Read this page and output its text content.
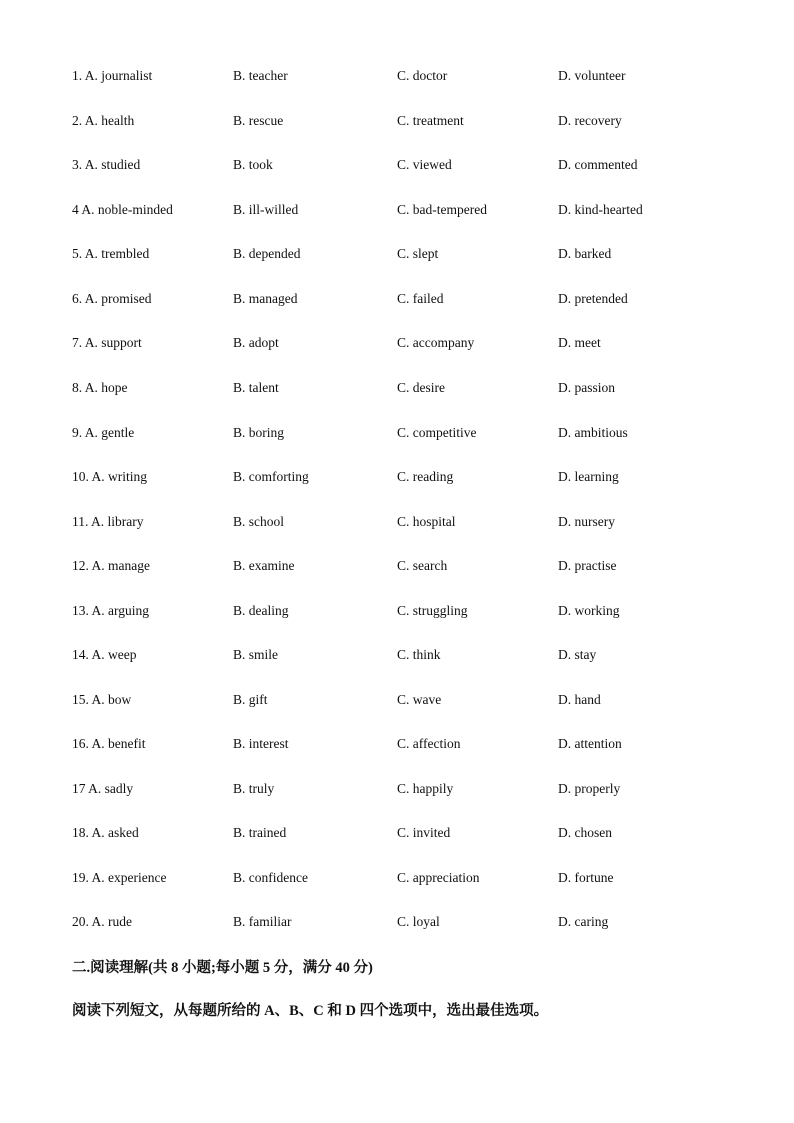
1. A. journalist	B. teacher	C. doctor	D. volunteer
2. A. health	B. rescue	C. treatment	D. recovery
3. A. studied	B. took	C. viewed	D. commented
4 A. noble-minded	B. ill-willed	C. bad-tempered	D. kind-hearted
5. A. trembled	B. depended	C. slept	D. barked
6. A. promised	B. managed	C. failed	D. pretended
7. A. support	B. adopt	C. accompany	D. meet
8. A. hope	B. talent	C. desire	D. passion
9. A. gentle	B. boring	C. competitive	D. ambitious
10. A. writing	B. comforting	C. reading	D. learning
11. A. library	B. school	C. hospital	D. nursery
12. A. manage	B. examine	C. search	D. practise
13. A. arguing	B. dealing	C. struggling	D. working
14. A. weep	B. smile	C. think	D. stay
15. A. bow	B. gift	C. wave	D. hand
16. A. benefit	B. interest	C. affection	D. attention
17 A. sadly	B. truly	C. happily	D. properly
18. A. asked	B. trained	C. invited	D. chosen
19. A. experience	B. confidence	C. appreciation	D. fortune
20. A. rude	B. familiar	C. loyal	D. caring
二.阅读理解(共 8 小题;每小题 5 分，满分 40 分)
阅读下列短文，从每题所给的 A、B、C 和 D 四个选项中，选出最佳选项。
